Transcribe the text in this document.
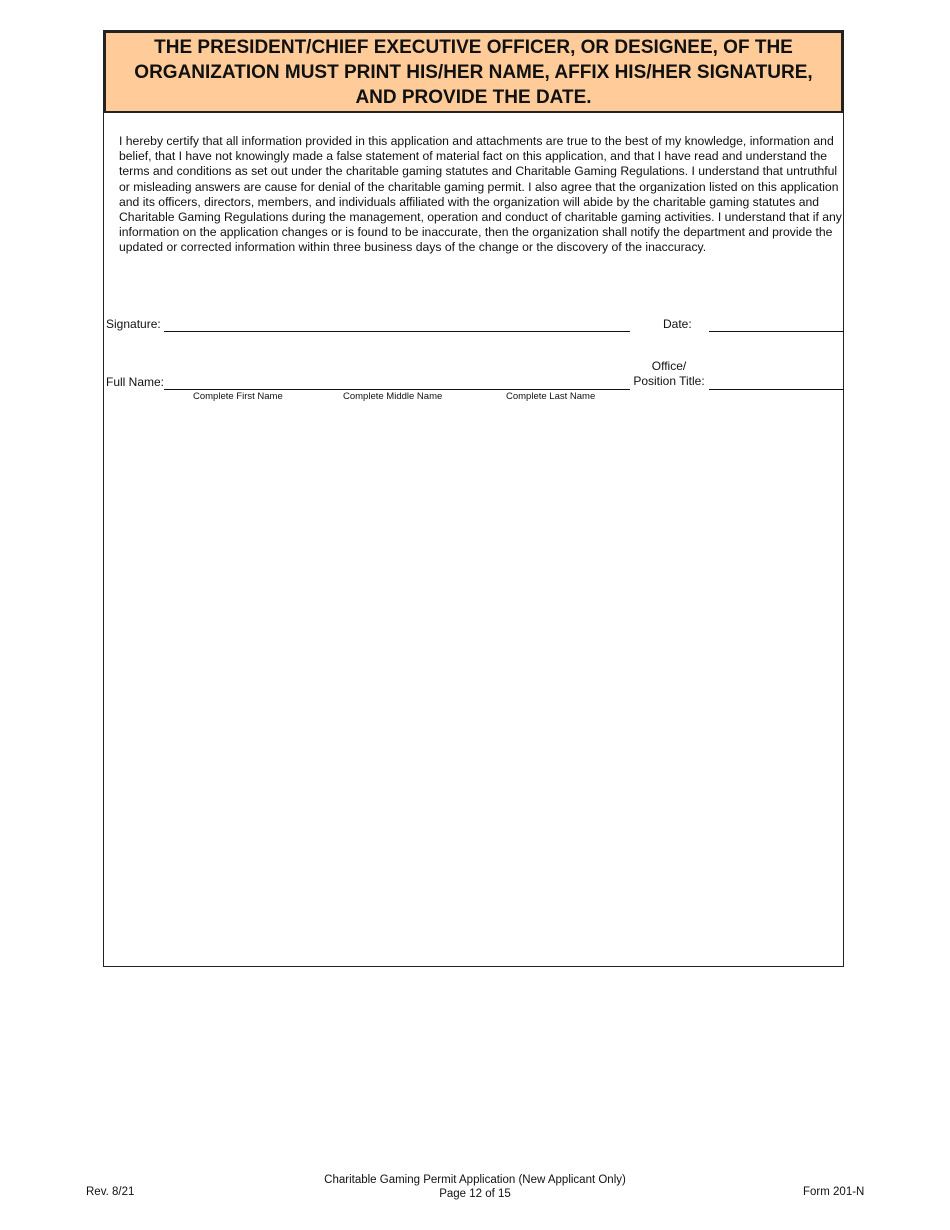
THE PRESIDENT/CHIEF EXECUTIVE OFFICER, OR DESIGNEE, OF THE ORGANIZATION MUST PRINT HIS/HER NAME, AFFIX HIS/HER SIGNATURE, AND PROVIDE THE DATE.
I hereby certify that all information provided in this application and attachments are true to the best of my knowledge, information and belief, that I have not knowingly made a false statement of material fact on this application, and that I have read and understand the terms and conditions as set out under the charitable gaming statutes and Charitable Gaming Regulations. I understand that untruthful or misleading answers are cause for denial of the charitable gaming permit. I also agree that the organization listed on this application and its officers, directors, members, and individuals affiliated with the organization will abide by the charitable gaming statutes and Charitable Gaming Regulations during the management, operation and conduct of charitable gaming activities. I understand that if any information on the application changes or is found to be inaccurate, then the organization shall notify the department and provide the updated or corrected information within three business days of the change or the discovery of the inaccuracy.
Signature:	Date:
Full Name:
Office/
Position Title:
Complete First Name	Complete Middle Name	Complete Last Name
Rev. 8/21
Charitable Gaming Permit Application (New Applicant Only)
Page 12 of 15	Form 201-N
